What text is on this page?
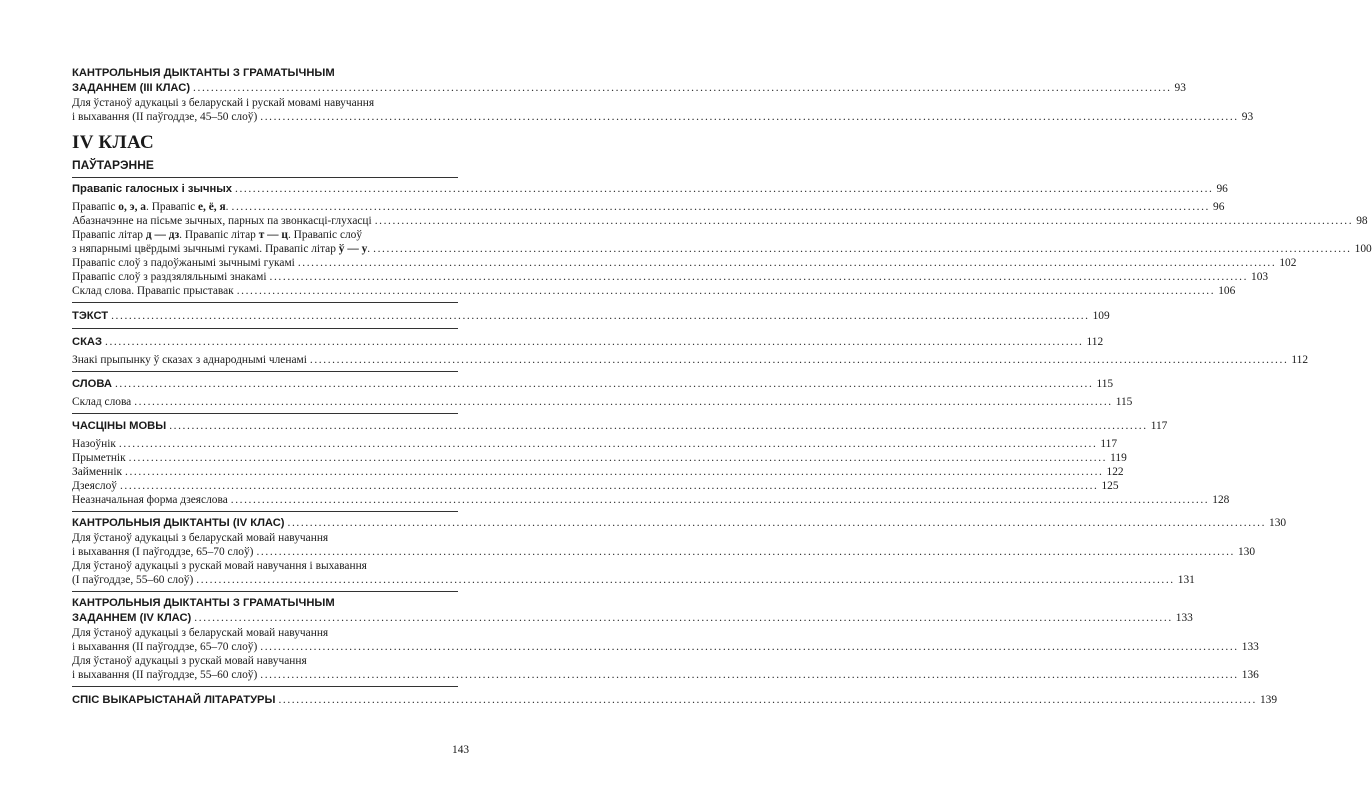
КАНТРОЛЬНЫЯ ДЫКТАНТЫ З ГРАМАТЫЧНЫМ
ЗАДАННЕМ (III КЛАС) ............................................................................................................................................................................................................................ 93
Для ўстаноў адукацыі з беларускай і рускай мовамі навучання
і выхавання (ІІ паўгоддзе, 45–50 слоў) ............................................................................................................................................................................................................................ 93
IV КЛАС
ПАЎТАРЭННЕ
Правапіс галосных і зычных ............................................................................................................................................................................................................................ 96
Правапіс о, э, а. Правапіс е, ё, я. ............................................................................................................................................................................................................................ 96
Абазначэнне на пісьме зычных, парных па звонкасці-глухасці ............................................................................................................................................................................................................................ 98
Правапіс літар д — дз. Правапіс літар т — ц. Правапіс слоў
з няпарнымі цвёрдымі зычнымі гукамі. Правапіс літар ў — у. ............................................................................................................................................................................................................................ 100
Правапіс слоў з падоўжанымі зычнымі гукамі ............................................................................................................................................................................................................................ 102
Правапіс слоў з раздзяляльнымі знакамі ............................................................................................................................................................................................................................ 103
Склад слова. Правапіс прыставак ............................................................................................................................................................................................................................ 106
ТЭКСТ ............................................................................................................................................................................................................................ 109
СКАЗ ............................................................................................................................................................................................................................ 112
Знакі прыпынку ў сказах з аднароднымі членамі ............................................................................................................................................................................................................................ 112
СЛОВА ............................................................................................................................................................................................................................ 115
Склад слова ............................................................................................................................................................................................................................ 115
ЧАСЦІНЫ МОВЫ ............................................................................................................................................................................................................................ 117
Назоўнік ............................................................................................................................................................................................................................ 117
Прыметнік ............................................................................................................................................................................................................................ 119
Займеннік ............................................................................................................................................................................................................................ 122
Дзеяслоў ............................................................................................................................................................................................................................ 125
Неазначальная форма дзеяслова ............................................................................................................................................................................................................................ 128
КАНТРОЛЬНЫЯ ДЫКТАНТЫ (IV КЛАС) ............................................................................................................................................................................................................................ 130
Для ўстаноў адукацыі з беларускай мовай навучання
і выхавання (І паўгоддзе, 65–70 слоў) ............................................................................................................................................................................................................................ 130
Для ўстаноў адукацыі з рускай мовай навучання і выхавання
(І паўгоддзе, 55–60 слоў) ............................................................................................................................................................................................................................ 131
КАНТРОЛЬНЫЯ ДЫКТАНТЫ З ГРАМАТЫЧНЫМ
ЗАДАННЕМ (IV КЛАС) ............................................................................................................................................................................................................................ 133
Для ўстаноў адукацыі з беларускай мовай навучання
і выхавання (ІІ паўгоддзе, 65–70 слоў) ............................................................................................................................................................................................................................ 133
Для ўстаноў адукацыі з рускай мовай навучання
і выхавання (ІІ паўгоддзе, 55–60 слоў) ............................................................................................................................................................................................................................ 136
СПІС ВЫКАРЫСТАНАЙ ЛІТАРАТУРЫ ............................................................................................................................................................................................................................ 139
143
